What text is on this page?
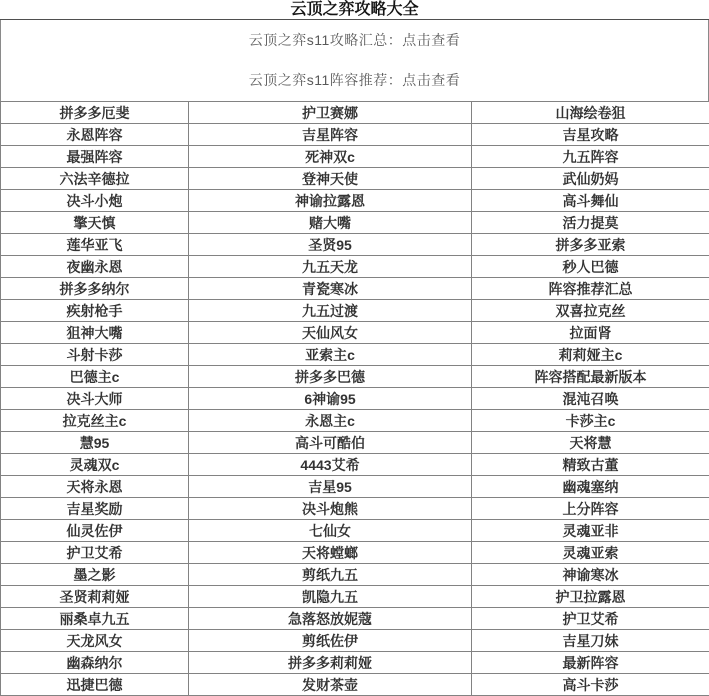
云顶之弈攻略大全
云顶之弈s11攻略汇总： 点击查看
云顶之弈s11阵容推荐： 点击查看
拼多多厄斐	护卫赛娜	山海绘卷狙
永恩阵容	吉星阵容	吉星攻略
最强阵容	死神双c	九五阵容
六法辛德拉	登神天使	武仙奶妈
决斗小炮	神谕拉露恩	高斗舞仙
擎天慎	赌大嘴	活力提莫
莲华亚飞	圣贤95	拼多多亚索
夜幽永恩	九五天龙	秒人巴德
拼多多纳尔	青瓷寒冰	阵容推荐汇总
疾射枪手	九五过渡	双喜拉克丝
狙神大嘴	天仙风女	拉面肾
斗射卡莎	亚索主c	莉莉娅主c
巴德主c	拼多多巴德	阵容搭配最新版本
决斗大师	6神谕95	混沌召唤
拉克丝主c	永恩主c	卡莎主c
慧95	高斗可酷伯	天将慧
灵魂双c	4443艾希	精致古董
天将永恩	吉星95	幽魂塞纳
吉星奖励	决斗炮熊	上分阵容
仙灵佐伊	七仙女	灵魂亚非
护卫艾希	天将螳螂	灵魂亚索
墨之影	剪纸九五	神谕寒冰
圣贤莉莉娅	凯隐九五	护卫拉露恩
丽桑卓九五	急落怒放妮蔻	护卫艾希
天龙风女	剪纸佐伊	吉星刀妹
幽森纳尔	拼多多莉莉娅	最新阵容
迅捷巴德	发财茶壶	高斗卡莎
